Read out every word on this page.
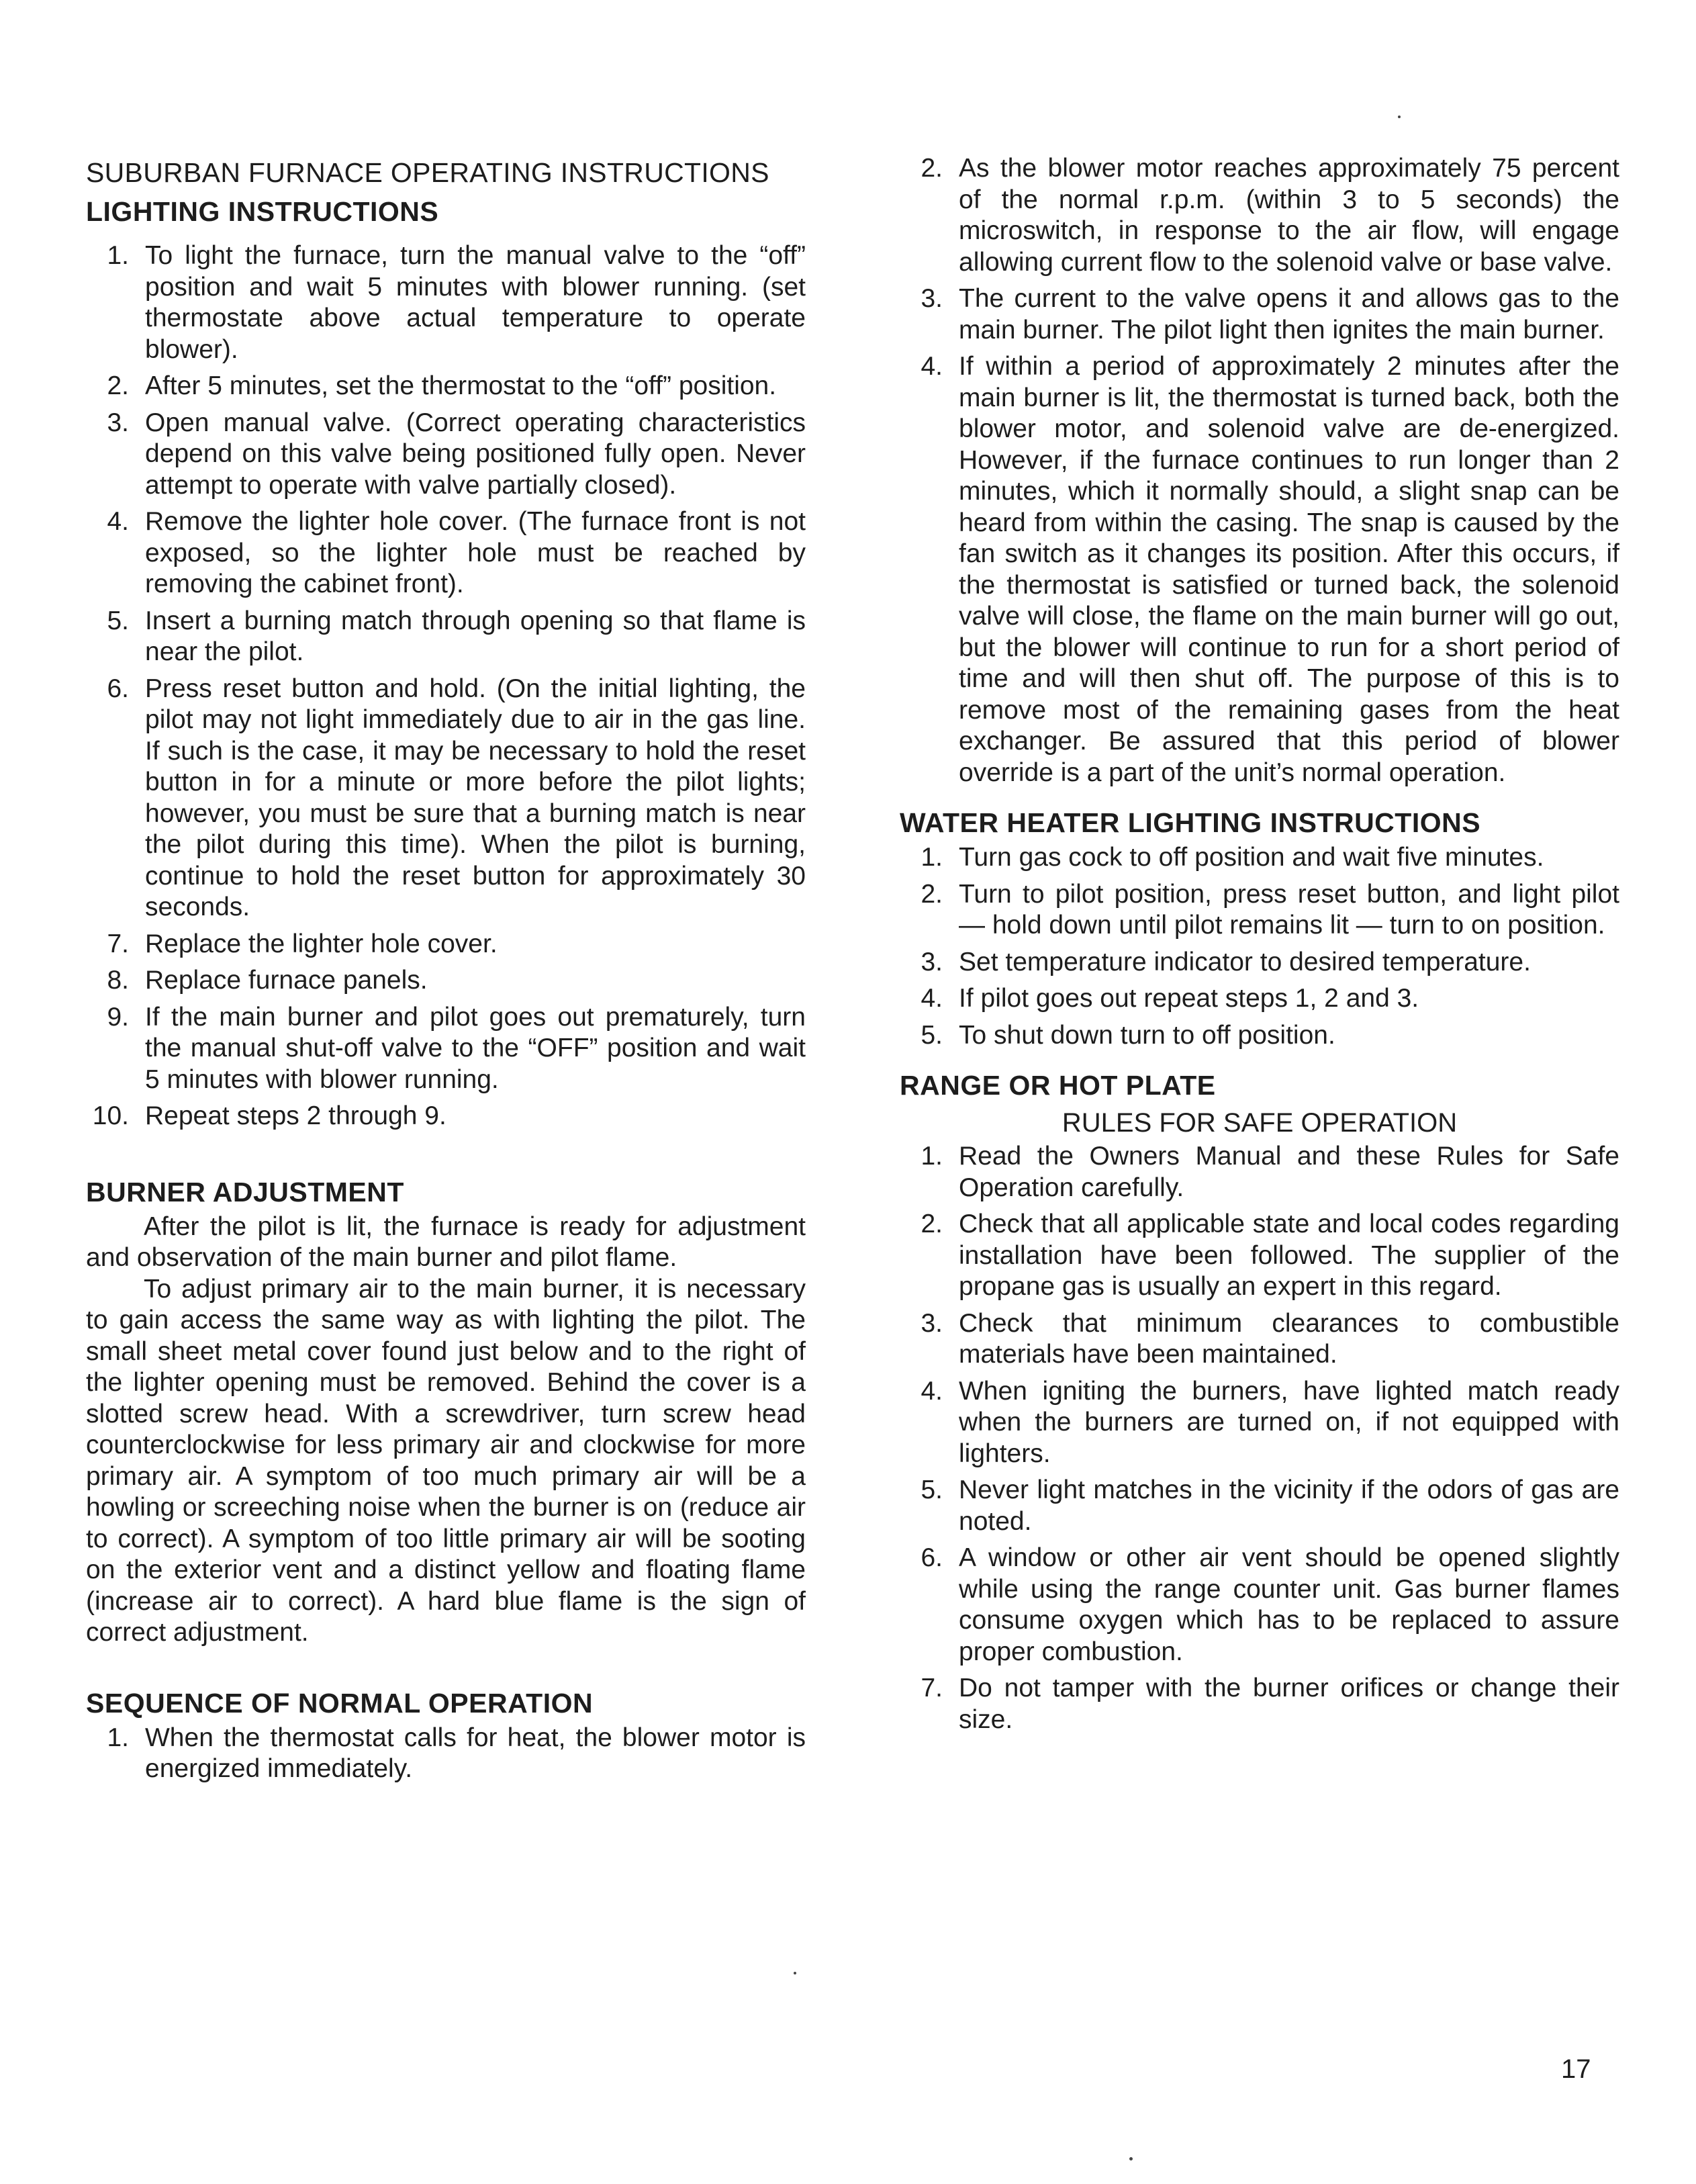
SUBURBAN FURNACE OPERATING INSTRUCTIONS
LIGHTING INSTRUCTIONS
1. To light the furnace, turn the manual valve to the “off” position and wait 5 minutes with blower running. (set thermostate above actual temperature to operate blower).
2. After 5 minutes, set the thermostat to the “off” position.
3. Open manual valve. (Correct operating characteristics depend on this valve being positioned fully open. Never attempt to operate with valve partially closed).
4. Remove the lighter hole cover. (The furnace front is not exposed, so the lighter hole must be reached by removing the cabinet front).
5. Insert a burning match through opening so that flame is near the pilot.
6. Press reset button and hold. (On the initial lighting, the pilot may not light immediately due to air in the gas line. If such is the case, it may be necessary to hold the reset button in for a minute or more before the pilot lights; however, you must be sure that a burning match is near the pilot during this time). When the pilot is burning, continue to hold the reset button for approximately 30 seconds.
7. Replace the lighter hole cover.
8. Replace furnace panels.
9. If the main burner and pilot goes out prematurely, turn the manual shut-off valve to the “OFF” position and wait 5 minutes with blower running.
10. Repeat steps 2 through 9.
BURNER ADJUSTMENT

After the pilot is lit, the furnace is ready for adjustment and observation of the main burner and pilot flame.

To adjust primary air to the main burner, it is necessary to gain access the same way as with lighting the pilot. The small sheet metal cover found just below and to the right of the lighter opening must be removed. Behind the cover is a slotted screw head. With a screwdriver, turn screw head counterclockwise for less primary air and clockwise for more primary air. A symptom of too much primary air will be a howling or screeching noise when the burner is on (reduce air to correct). A symptom of too little primary air will be sooting on the exterior vent and a distinct yellow and floating flame (increase air to correct). A hard blue flame is the sign of correct adjustment.

SEQUENCE OF NORMAL OPERATION
1. When the thermostat calls for heat, the blower motor is energized immediately.
2. As the blower motor reaches approximately 75 percent of the normal r.p.m. (within 3 to 5 seconds) the microswitch, in response to the air flow, will engage allowing current flow to the solenoid valve or base valve.
3. The current to the valve opens it and allows gas to the main burner. The pilot light then ignites the main burner.
4. If within a period of approximately 2 minutes after the main burner is lit, the thermostat is turned back, both the blower motor, and solenoid valve are de-energized. However, if the furnace continues to run longer than 2 minutes, which it normally should, a slight snap can be heard from within the casing. The snap is caused by the fan switch as it changes its position. After this occurs, if the thermostat is satisfied or turned back, the solenoid valve will close, the flame on the main burner will go out, but the blower will continue to run for a short period of time and will then shut off. The purpose of this is to remove most of the remaining gases from the heat exchanger. Be assured that this period of blower override is a part of the unit’s normal operation.
WATER HEATER LIGHTING INSTRUCTIONS
1. Turn gas cock to off position and wait five minutes.
2. Turn to pilot position, press reset button, and light pilot — hold down until pilot remains lit — turn to on position.
3. Set temperature indicator to desired temperature.
4. If pilot goes out repeat steps 1, 2 and 3.
5. To shut down turn to off position.
RANGE OR HOT PLATE
RULES FOR SAFE OPERATION
1. Read the Owners Manual and these Rules for Safe Operation carefully.
2. Check that all applicable state and local codes regarding installation have been followed. The supplier of the propane gas is usually an expert in this regard.
3. Check that minimum clearances to combustible materials have been maintained.
4. When igniting the burners, have lighted match ready when the burners are turned on, if not equipped with lighters.
5. Never light matches in the vicinity if the odors of gas are noted.
6. A window or other air vent should be opened slightly while using the range counter unit. Gas burner flames consume oxygen which has to be replaced to assure proper combustion.
7. Do not tamper with the burner orifices or change their size.
17
